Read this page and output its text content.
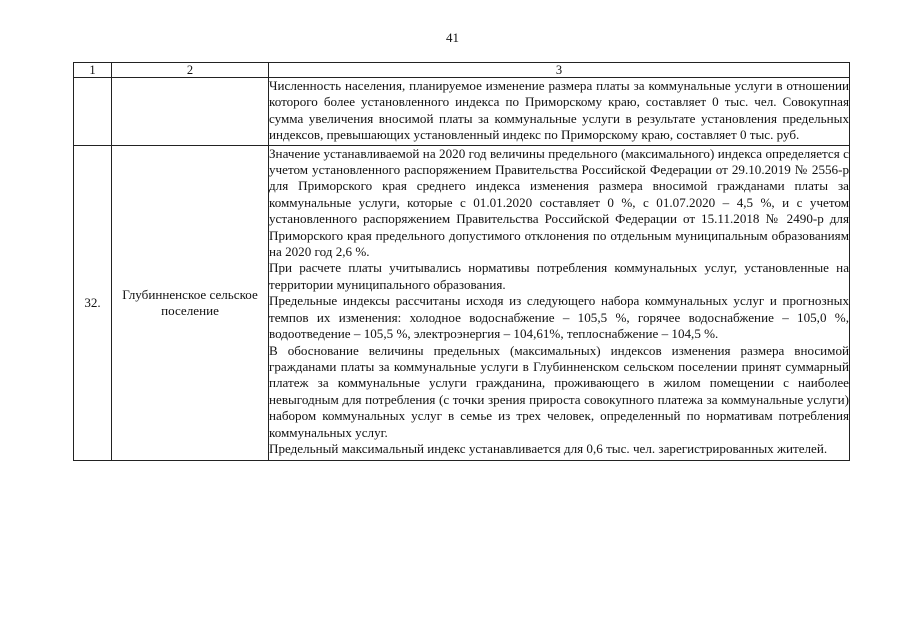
41
1	2	3

		Численность населения, планируемое изменение размера платы за коммунальные услуги в отношении которого более установленного индекса по Приморскому краю, составляет 0 тыс. чел. Совокупная сумма увеличения вносимой платы за коммунальные услуги в результате установления предельных индексов, превышающих установленный индекс по Приморскому краю, составляет 0 тыс. руб.

32.	Глубинненское сельское поселение	Значение устанавливаемой на 2020 год величины предельного (максимального) индекса определяется с учетом установленного распоряжением Правительства Российской Федерации от 29.10.2019 № 2556-р для Приморского края среднего индекса изменения размера вносимой гражданами платы за коммунальные услуги, которые с 01.01.2020 составляет 0 %, с 01.07.2020 – 4,5 %, и с учетом установленного распоряжением Правительства Российской Федерации от 15.11.2018 № 2490-р для Приморского края предельного допустимого отклонения по отдельным муниципальным образованиям на 2020 год 2,6 %.

При расчете платы учитывались нормативы потребления коммунальных услуг, установленные на территории муниципального образования.

Предельные индексы рассчитаны исходя из следующего набора коммунальных услуг и прогнозных темпов их изменения: холодное водоснабжение – 105,5 %, горячее водоснабжение – 105,0 %, водоотведение – 105,5 %, электроэнергия – 104,61%, теплоснабжение – 104,5 %.

В обоснование величины предельных (максимальных) индексов изменения размера вносимой гражданами платы за коммунальные услуги в Глубинненском сельском поселении принят суммарный платеж за коммунальные услуги гражданина, проживающего в жилом помещении с наиболее невыгодным для потребления (с точки зрения прироста совокупного платежа за коммунальные услуги) набором коммунальных услуг в семье из трех человек, определенный по нормативам потребления коммунальных услуг.

Предельный максимальный индекс устанавливается для 0,6 тыс. чел. зарегистрированных жителей.
